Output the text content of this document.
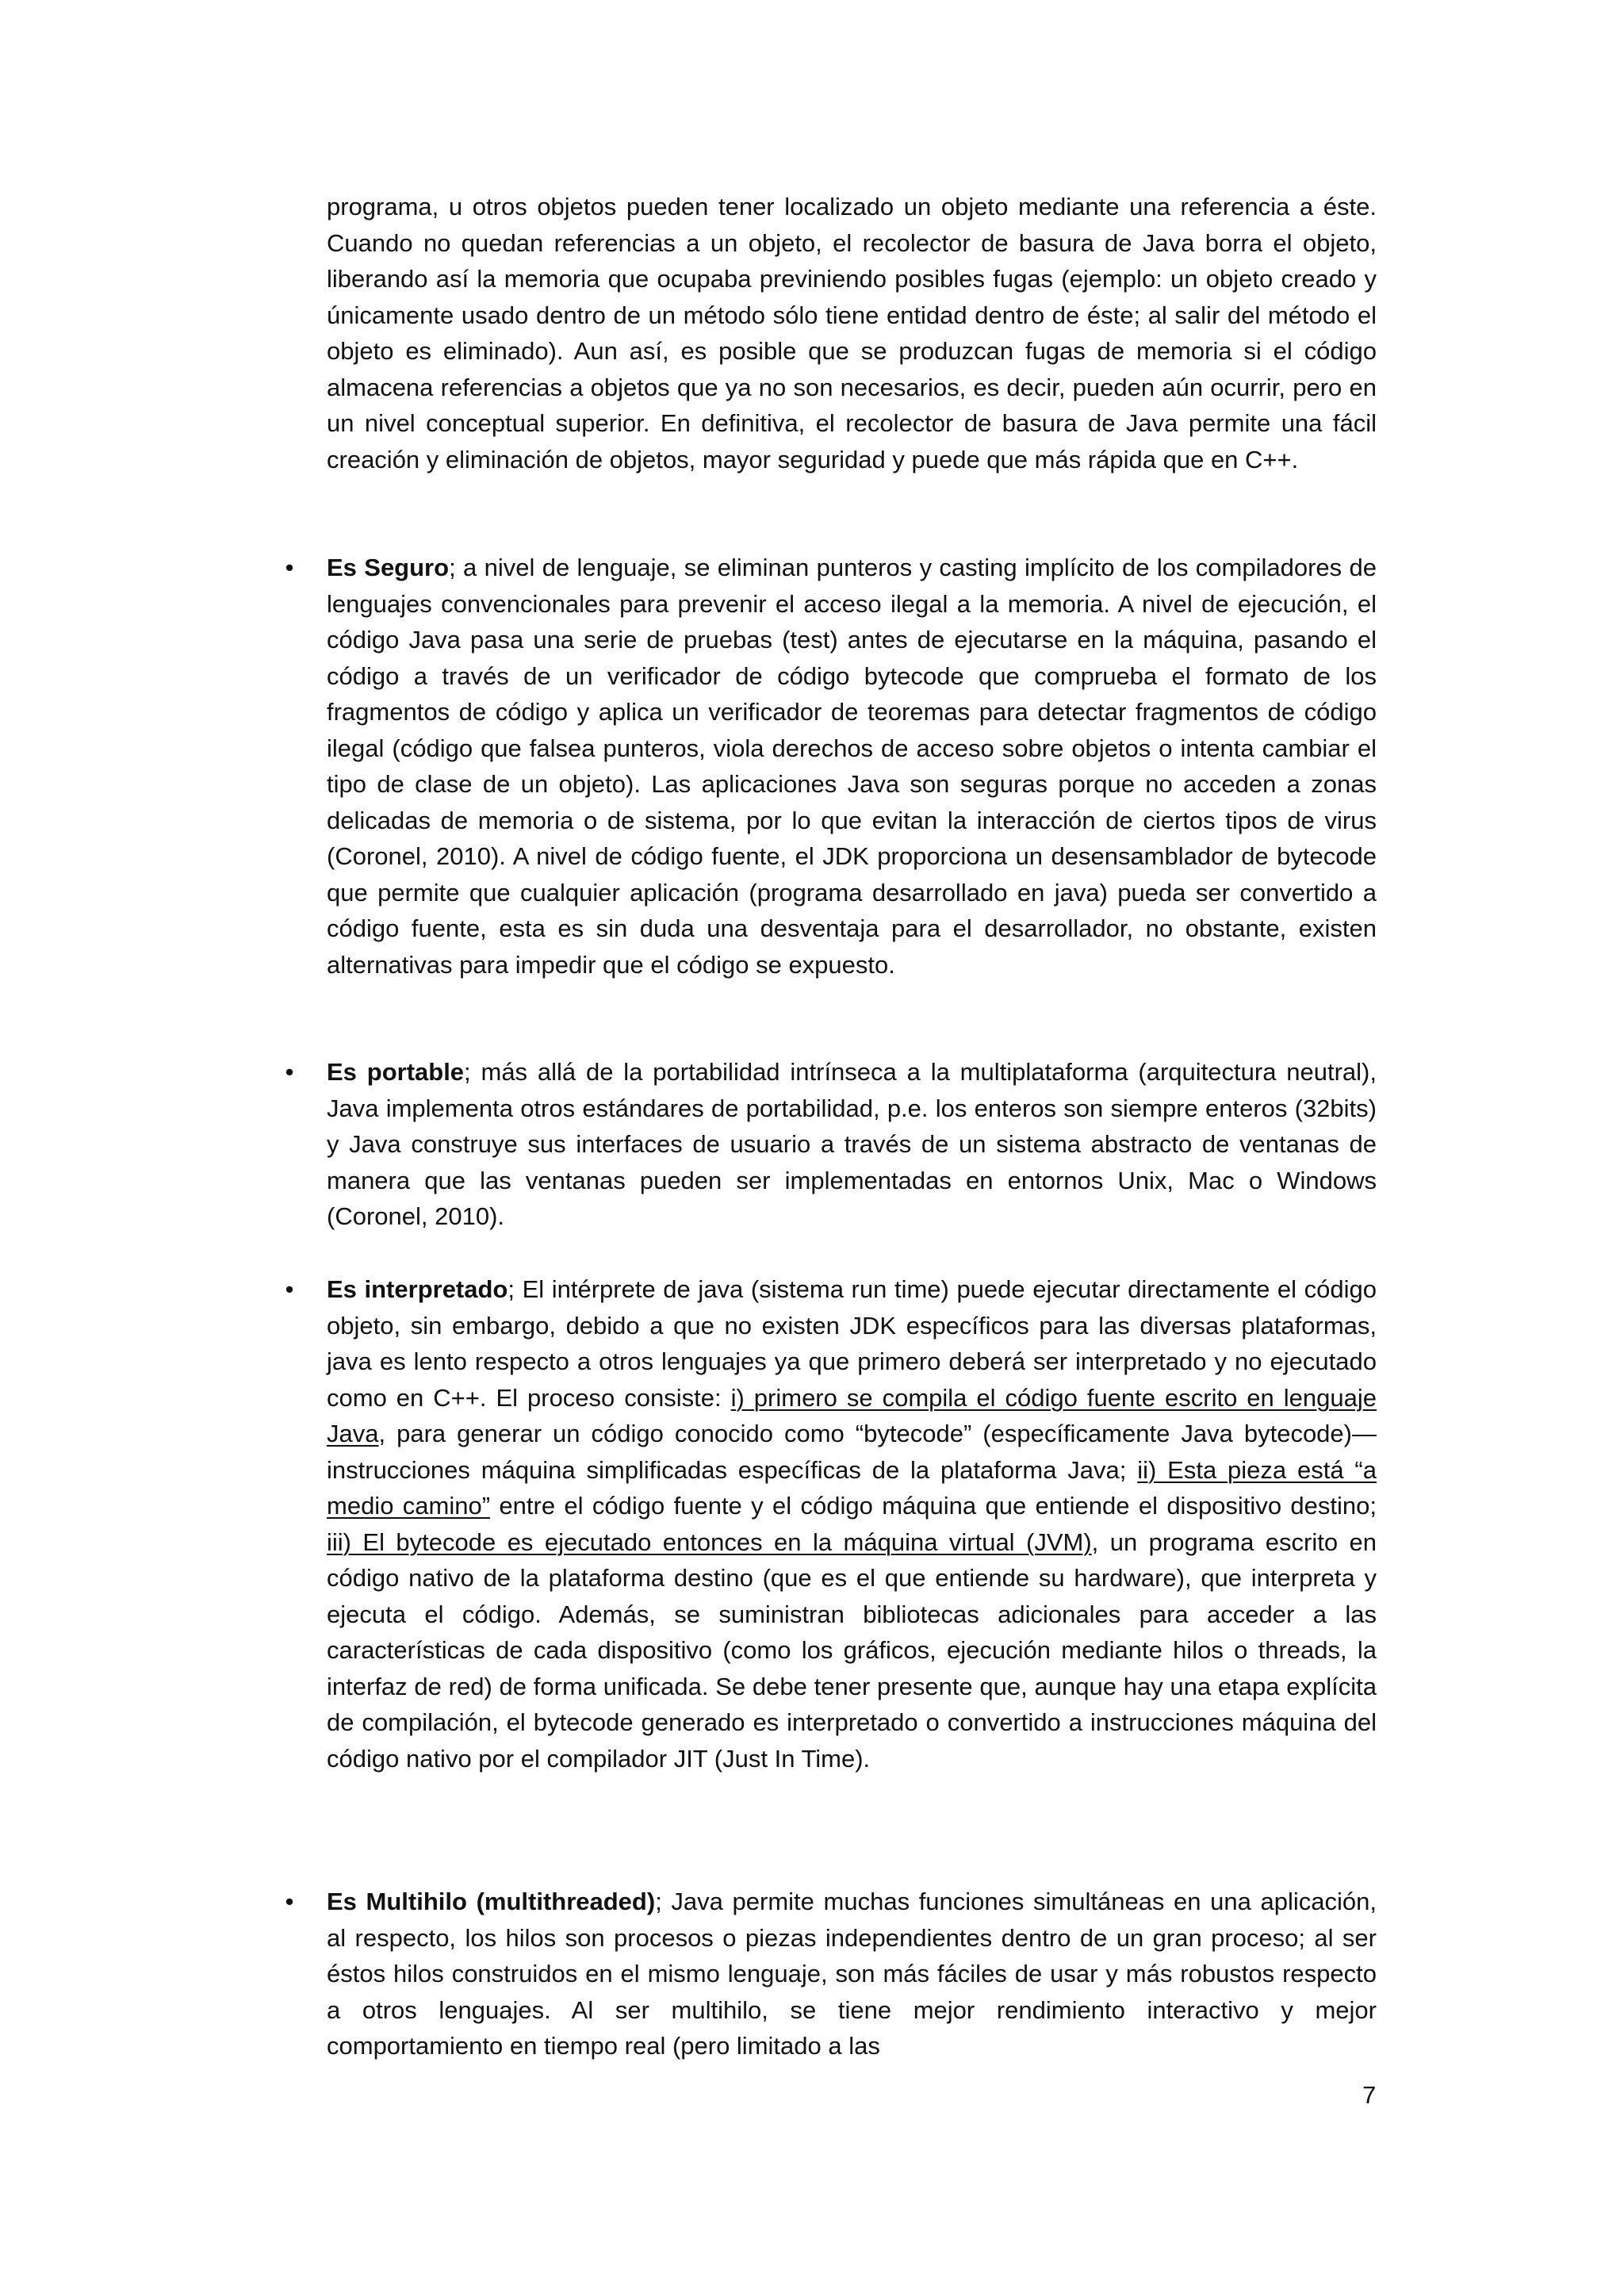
programa, u otros objetos pueden tener localizado un objeto mediante una referencia a éste. Cuando no quedan referencias a un objeto, el recolector de basura de Java borra el objeto, liberando así la memoria que ocupaba previniendo posibles fugas (ejemplo: un objeto creado y únicamente usado dentro de un método sólo tiene entidad dentro de éste; al salir del método el objeto es eliminado). Aun así, es posible que se produzcan fugas de memoria si el código almacena referencias a objetos que ya no son necesarios, es decir, pueden aún ocurrir, pero en un nivel conceptual superior. En definitiva, el recolector de basura de Java permite una fácil creación y eliminación de objetos, mayor seguridad y puede que más rápida que en C++.

•	Es Seguro; a nivel de lenguaje, se eliminan punteros y casting implícito de los compiladores de lenguajes convencionales para prevenir el acceso ilegal a la memoria. A nivel de ejecución, el código Java pasa una serie de pruebas (test) antes de ejecutarse en la máquina, pasando el código a través de un verificador de código bytecode que comprueba el formato de los fragmentos de código y aplica un verificador de teoremas para detectar fragmentos de código ilegal (código que falsea punteros, viola derechos de acceso sobre objetos o intenta cambiar el tipo de clase de un objeto). Las aplicaciones Java son seguras porque no acceden a zonas delicadas de memoria o de sistema, por lo que evitan la interacción de ciertos tipos de virus (Coronel, 2010). A nivel de código fuente, el JDK proporciona un desensamblador de bytecode que permite que cualquier aplicación (programa desarrollado en java) pueda ser convertido a código fuente, esta es sin duda una desventaja para el desarrollador, no obstante, existen alternativas para impedir que el código se expuesto.

•	Es portable; más allá de la portabilidad intrínseca a la multiplataforma (arquitectura neutral), Java implementa otros estándares de portabilidad, p.e. los enteros son siempre enteros (32bits) y Java construye sus interfaces de usuario a través de un sistema abstracto de ventanas de manera que las ventanas pueden ser implementadas en entornos Unix, Mac o Windows (Coronel, 2010).

•	Es interpretado; El intérprete de java (sistema run time) puede ejecutar directamente el código objeto, sin embargo, debido a que no existen JDK específicos para las diversas plataformas, java es lento respecto a otros lenguajes ya que primero deberá ser interpretado y no ejecutado como en C++. El proceso consiste: i) primero se compila el código fuente escrito en lenguaje Java, para generar un código conocido como “bytecode” (específicamente Java bytecode)—instrucciones máquina simplificadas específicas de la plataforma Java; ii) Esta pieza está “a medio camino” entre el código fuente y el código máquina que entiende el dispositivo destino; iii) El bytecode es ejecutado entonces en la máquina virtual (JVM), un programa escrito en código nativo de la plataforma destino (que es el que entiende su hardware), que interpreta y ejecuta el código. Además, se suministran bibliotecas adicionales para acceder a las características de cada dispositivo (como los gráficos, ejecución mediante hilos o threads, la interfaz de red) de forma unificada. Se debe tener presente que, aunque hay una etapa explícita de compilación, el bytecode generado es interpretado o convertido a instrucciones máquina del código nativo por el compilador JIT (Just In Time).

•	Es Multihilo (multithreaded); Java permite muchas funciones simultáneas en una aplicación, al respecto, los hilos son procesos o piezas independientes dentro de un gran proceso; al ser éstos hilos construidos en el mismo lenguaje, son más fáciles de usar y más robustos respecto a otros lenguajes. Al ser multihilo, se tiene mejor rendimiento interactivo y mejor comportamiento en tiempo real (pero limitado a las

7
